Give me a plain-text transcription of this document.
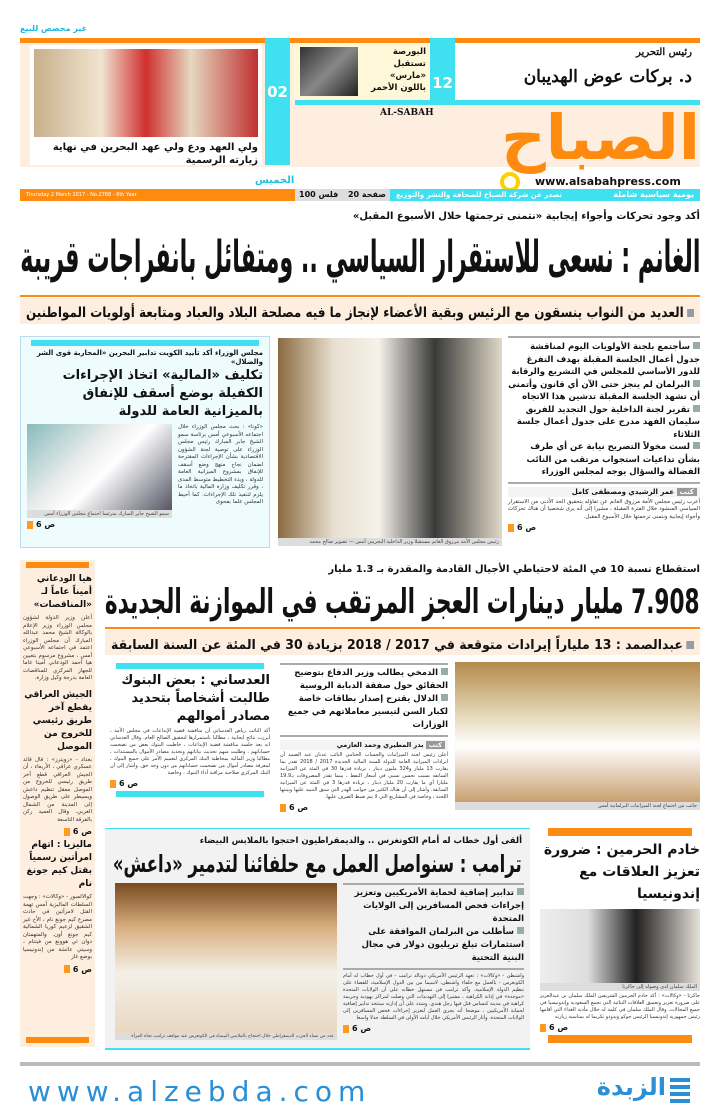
غير مخصص للبيع
ولي العهد ودع ولي عهد البحرين في نهاية زيارته الرسمية
02
البورصة تستقبل «مارس» باللون الأحمر 12
رئيس التحرير
د. بركات عوض الهديبان
AL-SABAH	الصباح
www.alsabahpress.com
الخميس
Thursday 2 March 2017 - No.2788 - 8th Year	100 فلس 20 صفحة	يومية سياسية شاملة
تصدر عن شركة الصباح للصحافة والنشر والتوزيع
أكد وجود تحركات وأجواء إيجابية «نتمنى ترجمتها خلال الأسبوع المقبل»
الغانم : نسعى للاستقرار السياسي .. ومتفائل بانفراجات قريبة
العديد من النواب ينسقون مع الرئيس وبقية الأعضاء لإنجاز ما فيه مصلحة البلاد والعباد ومتابعة أولويات المواطنين
مجلس الوزراء أكد تأييد الكويت تدابير البحرين «المحاربة قوى الشر والضلال»
تكليف «المالية» اتخاذ الإجراءات الكفيلة بوضع أسقف للإنفاق بالميزانية العامة للدولة
سمو الشيخ جابر المبارك مترئسا اجتماع مجلس الوزراء أمس
ص 6
«كونا» : بحث مجلس الوزراء خلال اجتماعه الأسبوعي أمس برئاسة سمو الشيخ جابر المبارك رئيس مجلس الوزراء على توصية لجنة الشؤون الاقتصادية بشأن الإجراءات المقترحة لضمان نجاح منهج وضع أسقف للإنفاق بمشروع الميزانية العامة للدولة ، وبدء التخطيط متوسط المدى ، وقرر تكليف وزارة المالية باتخاذ ما يلزم لتنفيذ تلك الإجراءات. كما أحيط المجلس علما بفحوى
رئيس مجلس الأمة مرزوق الغانم مستقبلا وزير الداخلية البحريني أمس — تصوير صالح محمد
سأجتمع بلجنة الأولويات اليوم لمناقشة جدول أعمال الجلسة المقبلة بهدف التفرغ للدور الأساسي للمجلس في التشريع والرقابة
البرلمان لم ينجز حتى الآن أي قانون وأتمنى أن تشهد الجلسة المقبلة تدشين هذا الاتجاه
تقرير لجنة الداخلية حول التجديد للفريق سليمان الفهد مدرج على جدول أعمال جلسة الثلاثاء
لست مخولاً التصريح نيابة عن أي طرف بشأن تداعيات استجواب مرتقب من النائب الفضالة والسؤال يوجه لمجلس الوزراء
كتب عمر الرشيدي ومصطفى كامل
أعرب رئيس مجلس الأمة مرزوق الغانم عن تفاؤله بتحقيق الحد الأدنى من الاستقرار السياسي المنشود خلال الفترة المقبلة ، مشيرا إلى أنه يرى شخصيا أن هناك تحركات وأجواء إيجابية ونتمنى ترجمتها خلال الأسبوع المقبل.
ص 6
هيا الودعاني أميناً عاماً لـ «المناقصات»
أعلن وزير الدولة لشؤون مجلس الوزراء وزير الإعلام بالوكالة الشيخ محمد عبدالله المبارك أن مجلس الوزراء اعتمد في اجتماعه الأسبوعي أمس ، مشروع مرسوم بتعيين هيا أحمد الودعاني أمينا عاما للجهاز المركزي للمناقصات العامة بدرجة وكيل وزارة.
الجيش العراقي يقطع آخر طريق رئيسي للخروج من الموصل
بغداد - «رويترز» : قال قائد عسكري عراقي ، الأربعاء ، أن الجيش العراقي قطع آخر طريق رئيسي للخروج من الموصل معقل تنظيم داعش ويسيطر على طريق الوصول إلى المدينة من الشمال الغربي. وقال العميد ركن بالفرقة التاسعة
ص 6
ماليزيا : اتهام امرأتين رسمياً بقتل كيم جونغ نام
كوالالمبور - «وكالات» : وجهت السلطات الماليزية أمس تهمة القتل لامرأتين في حادث مصرع كيم جونغ نام ، الأخ غير الشقيق لزعيم كوريا الشمالية كيم جونغ أون. والمتهمتان دوان ثي هوونغ من فيتنام ، وسيتي عائشة من إندونيسيا بوضع غاز
ص 6
استقطاع نسبة 10 في المئة لاحتياطي الأجيال القادمة والمقدرة بـ 1.3 مليار
7.908 مليار دينارات العجز المرتقب في الموازنة الجديدة
عبدالصمد : 13 ملياراً إيرادات متوقعة في 2017 / 2018 بزيادة 30 في المئة عن السنة السابقة
جانب من اجتماع لجنة الميزانيات البرلمانية أمس
الدمخي يطالب وزير الدفاع بتوضيح الحقائق حول صفقة الدبابة الروسية
الدلال يقترح إصدار بطاقات خاصة لكبار السن لتيسير معاملاتهم في جميع الوزارات
كتب بدر المطيري وحمد العازمي
أعلن رئيس لجنة الميزانيات والحساب الختامي النائب عدنان عبد الصمد أن ايرادات الميزانية العامة للدولة للسنة المالية الجديدة 2017 / 2018 تقدر بما يقارب 13 مليار و324 مليون دينار ، بزيادة قدرها 30 في المئة عن الميزانية السابقة بسبب تحسن نسبي في أسعار النفط ، بينما تقدر المصروفات بـ19.9 مليارا أي ما يقارب 20 مليار دينار ، بزيادة قدرها 3 في المئة عن الميزانية السابقة. وأشار إلى أن هناك الكثير من جوانب الهدر التي سبق التنبيه عليها وبينتها اللجنة ، وخاصة في المشاريع التي لا يتم ضبط الصرف عليها.
ص 6
العدساني : بعض البنوك طالبت أشخاصاً بتحديد مصادر أموالهم
أكد النائب رياض العدساني أن مناقشة قضية الإيداعات في مجلس الأمة ، أبرزت نتائج ايجابية ، مطالبا باستمرارها لتحقيق الصالح العام. وقال العدساني انه بعد جلسة مناقشة قضية الإيداعات ، خاطبت البنوك بعض من تضخمت حساباتهم ، وطلبت منهم تحديث بياناتهم وتحديد مصادر الأموال بالمستندات ، مطالبا وزير المالية بمخاطبة البنك المركزي لتعميم الأمر على جميع البنوك ، لمعرفة مصادر أموال من تضخمت حساباتهم من دون وجه حق. وأشار إلى أن البنك المركزي صلاحية مراقبة أداء البنوك ، وخاصة
ص 6
ألقى أول خطاب له أمام الكونغرس .. والديمقراطيون احتجوا بالملابس البيضاء
ترامب : سنواصل العمل مع حلفائنا لتدمير «داعش»
عدد من نساء الحزب الديمقراطي خلال احتجاج بالملابس البيضاء في الكونغرس عند مواقف ترامب تجاه المرأة
تدابير إضافية لحماية الأمريكيين وتعزيز إجراءات فحص المسافرين إلى الولايات المتحدة
سأطلب من البرلمان الموافقة على استثمارات تبلغ تريليون دولار في مجال البنية التحتية
واشنطن - «وكالات» : تعهد الرئيس الأمريكي دونالد ترامب - في أول خطاب له أمام الكونغرس - بالعمل مع حلفاء واشنطن، لاسيما من بين الدول الإسلامية، للقضاء على تنظيم الدولة الإسلامية. وأكد ترامب في مستهل خطابه على أن الولايات المتحدة «موحدة» في إدانة الكراهية ، مشيرا إلى التهديدات التي وصلت لمراكز يهودية وجريمة كراهية في مدينة كنساس قتل فيها رجل هندي. وشدد على أن إدارته ستتخذ تدابير إضافية لحماية الأمريكيين ، موضحا أنه يجري العمل لتعزيز إجراءات فحص المسافرين إلى الولايات المتحدة. وأثار الرئيس الأمريكي خلال أيامه الأولى في السلطة جدلا واسعا
ص 6
خادم الحرمين : ضرورة تعزيز العلاقات مع إندونيسيا
الملك سلمان لدى وصوله إلى جاكرتا
جاكرتا - «وكالات» : أكد خادم الحرمين الشريفين الملك سلمان بن عبدالعزيز على ضرورة تعزيز وتعميق العلاقات الثنائية التي تجمع السعودية وإندونيسيا في جميع المجالات. وقال الملك سلمان في كلمة له خلال مأدبة الغداء التي أقامها رئيس جمهورية إندونيسيا الرئيس جوكو ويدودو تكريما له بمناسبة زيارته
ص 6
www.alzebda.com	الزبدة
